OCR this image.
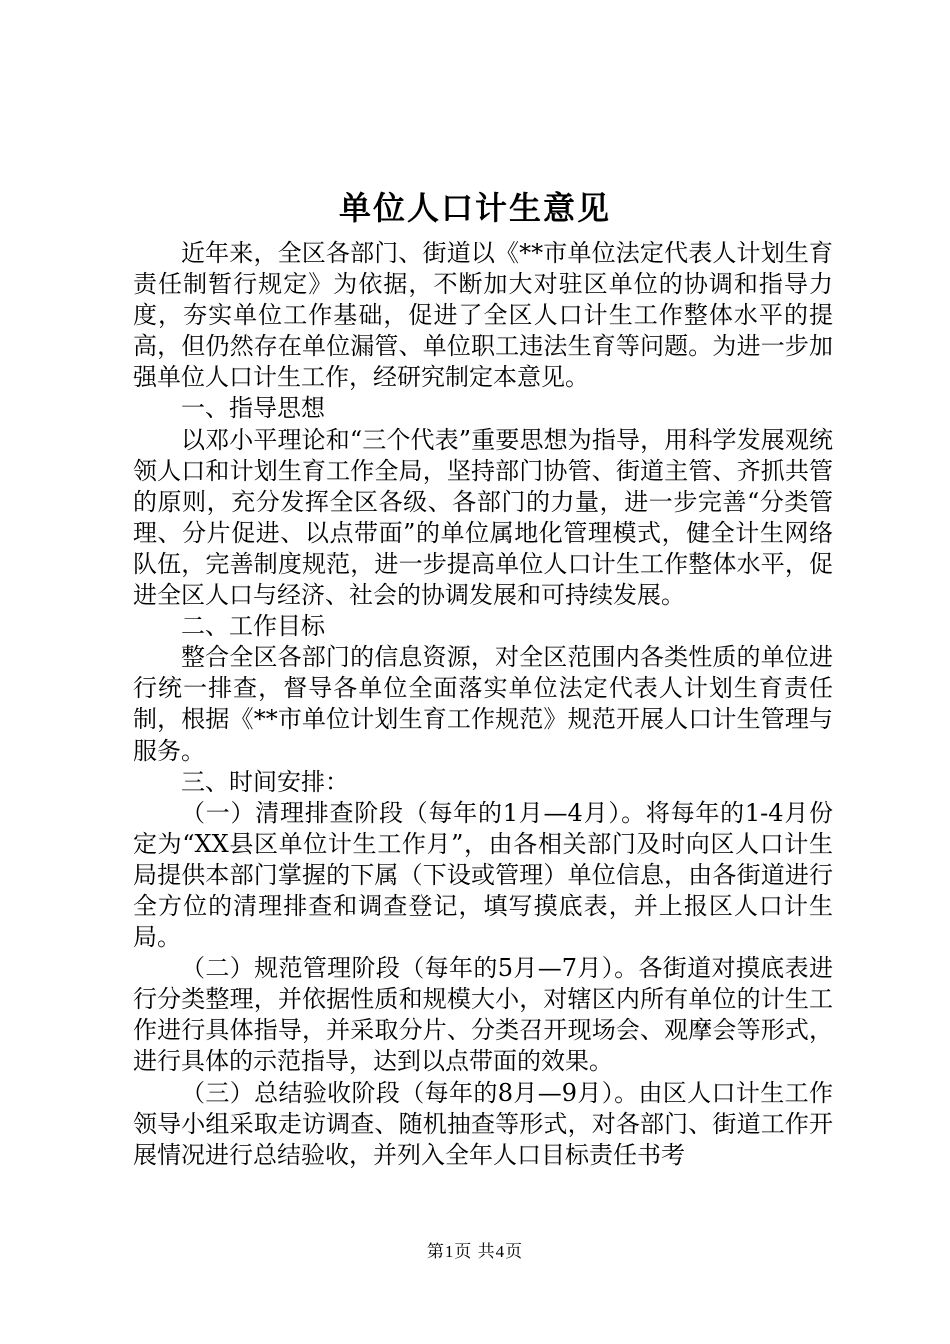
单位人口计生意见

近年来，全区各部门、街道以《**市单位法定代表人计划生育责任制暂行规定》为依据，不断加大对驻区单位的协调和指导力度，夯实单位工作基础，促进了全区人口计生工作整体水平的提高，但仍然存在单位漏管、单位职工违法生育等问题。为进一步加强单位人口计生工作，经研究制定本意见。

一、指导思想

以邓小平理论和“三个代表”重要思想为指导，用科学发展观统领人口和计划生育工作全局，坚持部门协管、街道主管、齐抓共管的原则，充分发挥全区各级、各部门的力量，进一步完善“分类管理、分片促进、以点带面”的单位属地化管理模式，健全计生网络队伍，完善制度规范，进一步提高单位人口计生工作整体水平，促进全区人口与经济、社会的协调发展和可持续发展。

二、工作目标

整合全区各部门的信息资源，对全区范围内各类性质的单位进行统一排查，督导各单位全面落实单位法定代表人计划生育责任制，根据《**市单位计划生育工作规范》规范开展人口计生管理与服务。

三、时间安排：

（一）清理排查阶段（每年的1月—4月）。将每年的1-4月份定为“XX县区单位计生工作月”，由各相关部门及时向区人口计生局提供本部门掌握的下属（下设或管理）单位信息，由各街道进行全方位的清理排查和调查登记，填写摸底表，并上报区人口计生局。

（二）规范管理阶段（每年的5月—7月）。各街道对摸底表进行分类整理，并依据性质和规模大小，对辖区内所有单位的计生工作进行具体指导，并采取分片、分类召开现场会、观摩会等形式，进行具体的示范指导，达到以点带面的效果。

（三）总结验收阶段（每年的8月—9月）。由区人口计生工作领导小组采取走访调查、随机抽查等形式，对各部门、街道工作开展情况进行总结验收，并列入全年人口目标责任书考

第1页 共4页
